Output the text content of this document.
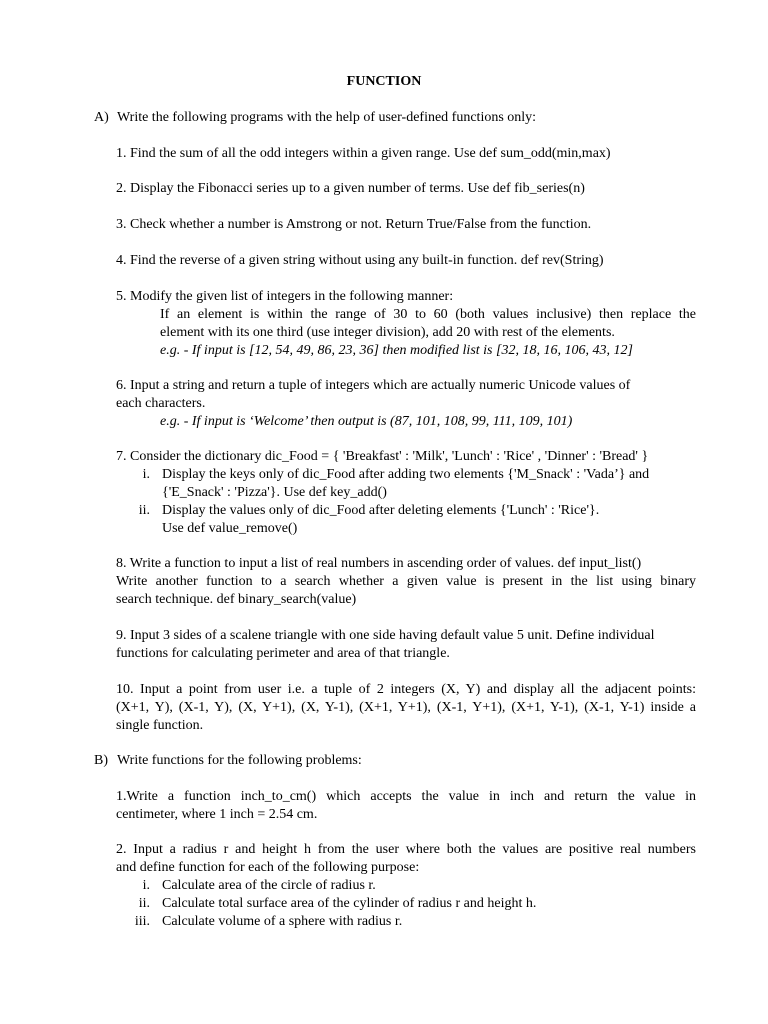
FUNCTION
A) Write the following programs with the help of user-defined functions only:
1. Find the sum of all the odd integers within a given range. Use def sum_odd(min,max)
2. Display the Fibonacci series up to a given number of terms. Use def fib_series(n)
3. Check whether a number is Amstrong or not. Return True/False from the function.
4. Find the reverse of a given string without using any built-in function. def rev(String)
5. Modify the given list of integers in the following manner:
If an element is within the range of 30 to 60 (both values inclusive) then replace the
element with its one third (use integer division), add 20 with rest of the elements.
e.g. - If input is [12, 54, 49, 86, 23, 36] then modified list is [32, 18, 16, 106, 43, 12]
6. Input a string and return a tuple of integers which are actually numeric Unicode values of
each characters.
e.g. - If input is ‘Welcome’ then output is (87, 101, 108, 99, 111, 109, 101)
7. Consider the dictionary dic_Food = { 'Breakfast' : 'Milk', 'Lunch' : 'Rice' , 'Dinner' : 'Bread' }
i. Display the keys only of dic_Food after adding two elements {'M_Snack' : 'Vada’} and
{'E_Snack' : 'Pizza'}. Use def key_add()
ii. Display the values only of dic_Food after deleting elements {'Lunch' : 'Rice'}.
Use def value_remove()
8. Write a function to input a list of real numbers in ascending order of values. def input_list()
Write another function to a search whether a given value is present in the list using binary
search technique. def binary_search(value)
9. Input 3 sides of a scalene triangle with one side having default value 5 unit. Define individual
functions for calculating perimeter and area of that triangle.
10. Input a point from user i.e. a tuple of 2 integers (X, Y) and display all the adjacent points:
(X+1, Y), (X-1, Y), (X, Y+1), (X, Y-1), (X+1, Y+1), (X-1, Y+1), (X+1, Y-1), (X-1, Y-1) inside a
single function.
B) Write functions for the following problems:
1.Write a function inch_to_cm() which accepts the value in inch and return the value in
centimeter, where 1 inch = 2.54 cm.
2. Input a radius r and height h from the user where both the values are positive real numbers
and define function for each of the following purpose:
i. Calculate area of the circle of radius r.
ii. Calculate total surface area of the cylinder of radius r and height h.
iii. Calculate volume of a sphere with radius r.
